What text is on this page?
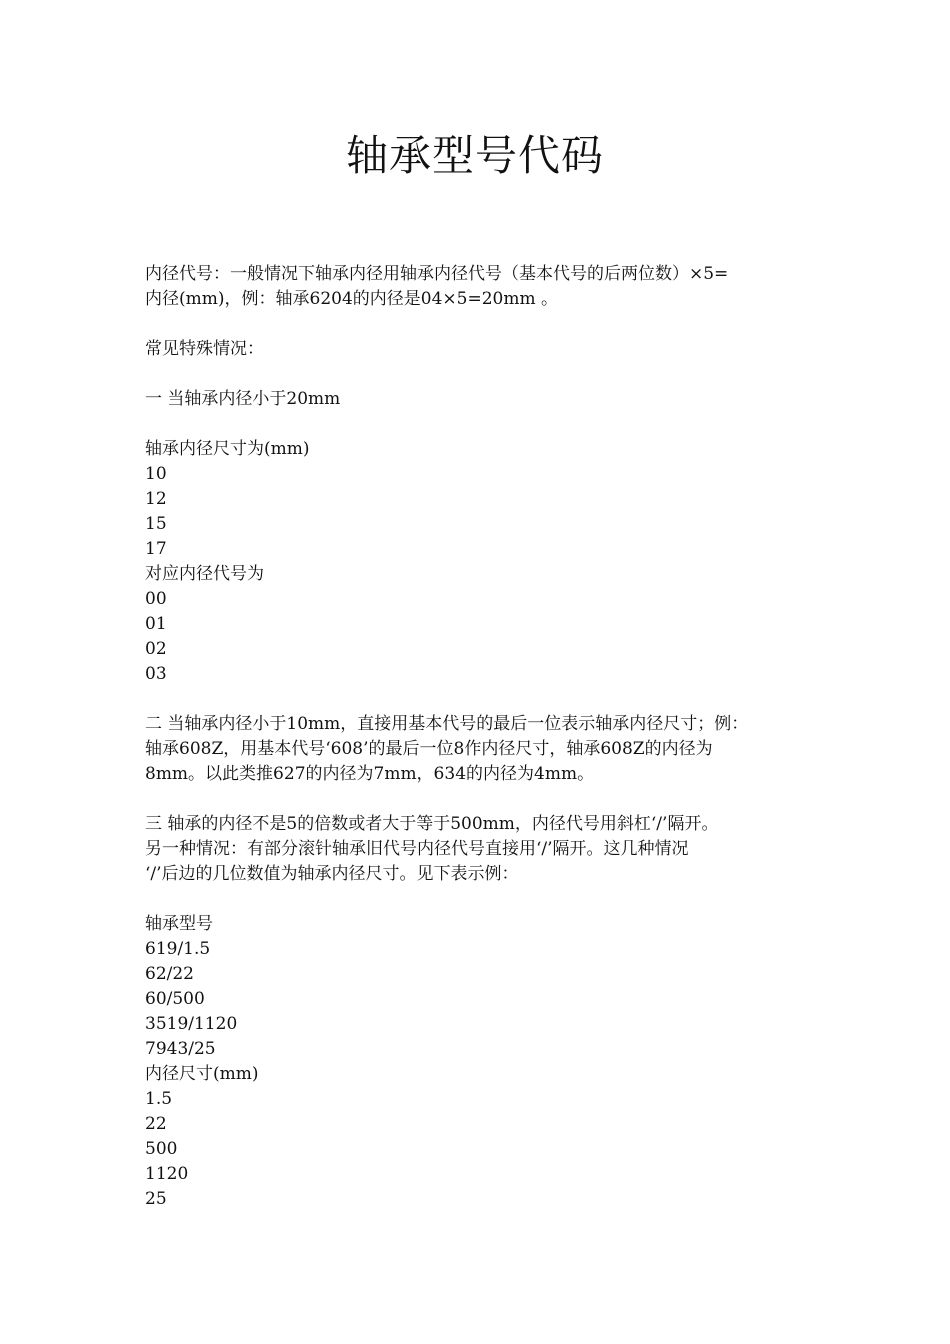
轴承型号代码
内径代号：一般情况下轴承内径用轴承内径代号（基本代号的后两位数）×5=
内径(mm)，例：轴承6204的内径是04×5=20mm 。
常见特殊情况：
一 当轴承内径小于20mm
轴承内径尺寸为(mm)
10
12
15
17
对应内径代号为
00
01
02
03
二 当轴承内径小于10mm，直接用基本代号的最后一位表示轴承内径尺寸；例：
轴承608Z，用基本代号‘608’的最后一位8作内径尺寸，轴承608Z的内径为
8mm。以此类推627的内径为7mm，634的内径为4mm。
三 轴承的内径不是5的倍数或者大于等于500mm，内径代号用斜杠‘/’隔开。
另一种情况：有部分滚针轴承旧代号内径代号直接用‘/’隔开。这几种情况
‘/’后边的几位数值为轴承内径尺寸。见下表示例：
轴承型号
619/1.5
62/22
60/500
3519/1120
7943/25
内径尺寸(mm)
1.5
22
500
1120
25
